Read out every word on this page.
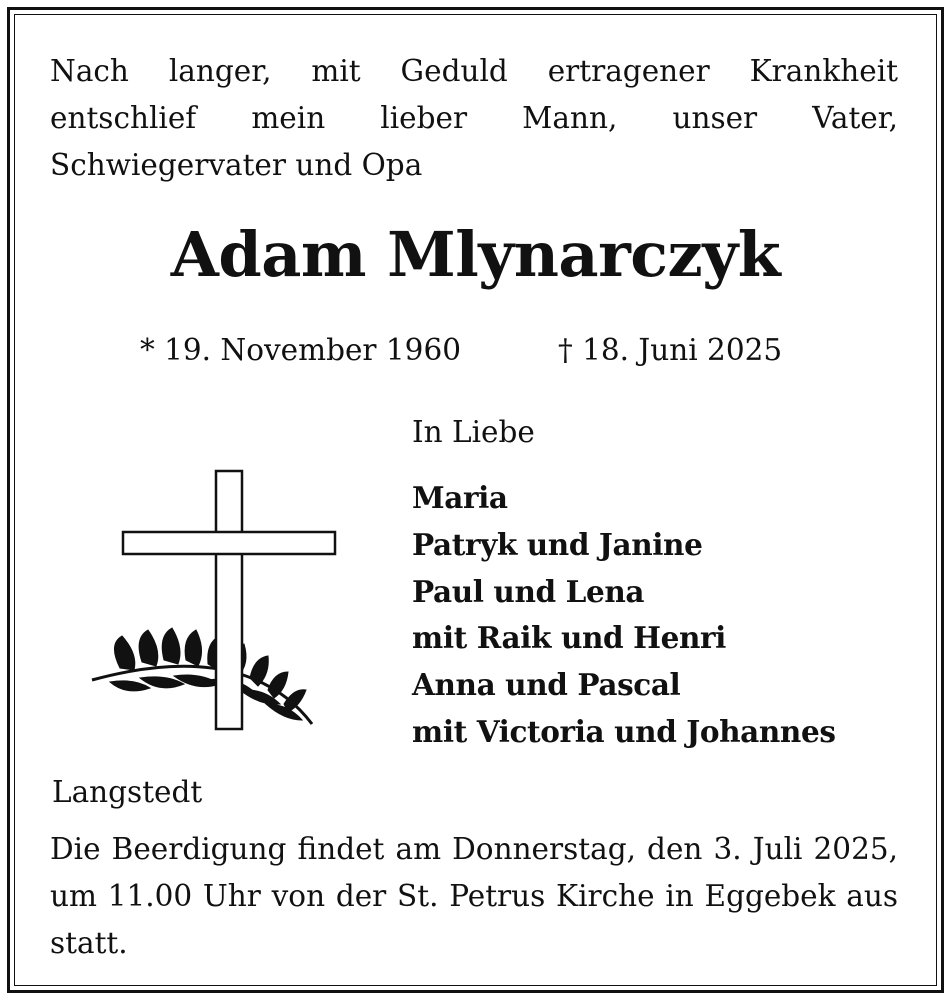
Nach langer, mit Geduld ertragener Krankheit entschlief mein lieber Mann, unser Vater, Schwiegervater und Opa
Adam Mlynarczyk
* 19. November 1960	† 18. Juni 2025
In Liebe
Maria
Patryk und Janine
Paul und Lena
mit Raik und Henri
Anna und Pascal
mit Victoria und Johannes
Langstedt
Die Beerdigung findet am Donnerstag, den 3. Juli 2025, um 11.00 Uhr von der St. Petrus Kirche in Eggebek aus statt.
